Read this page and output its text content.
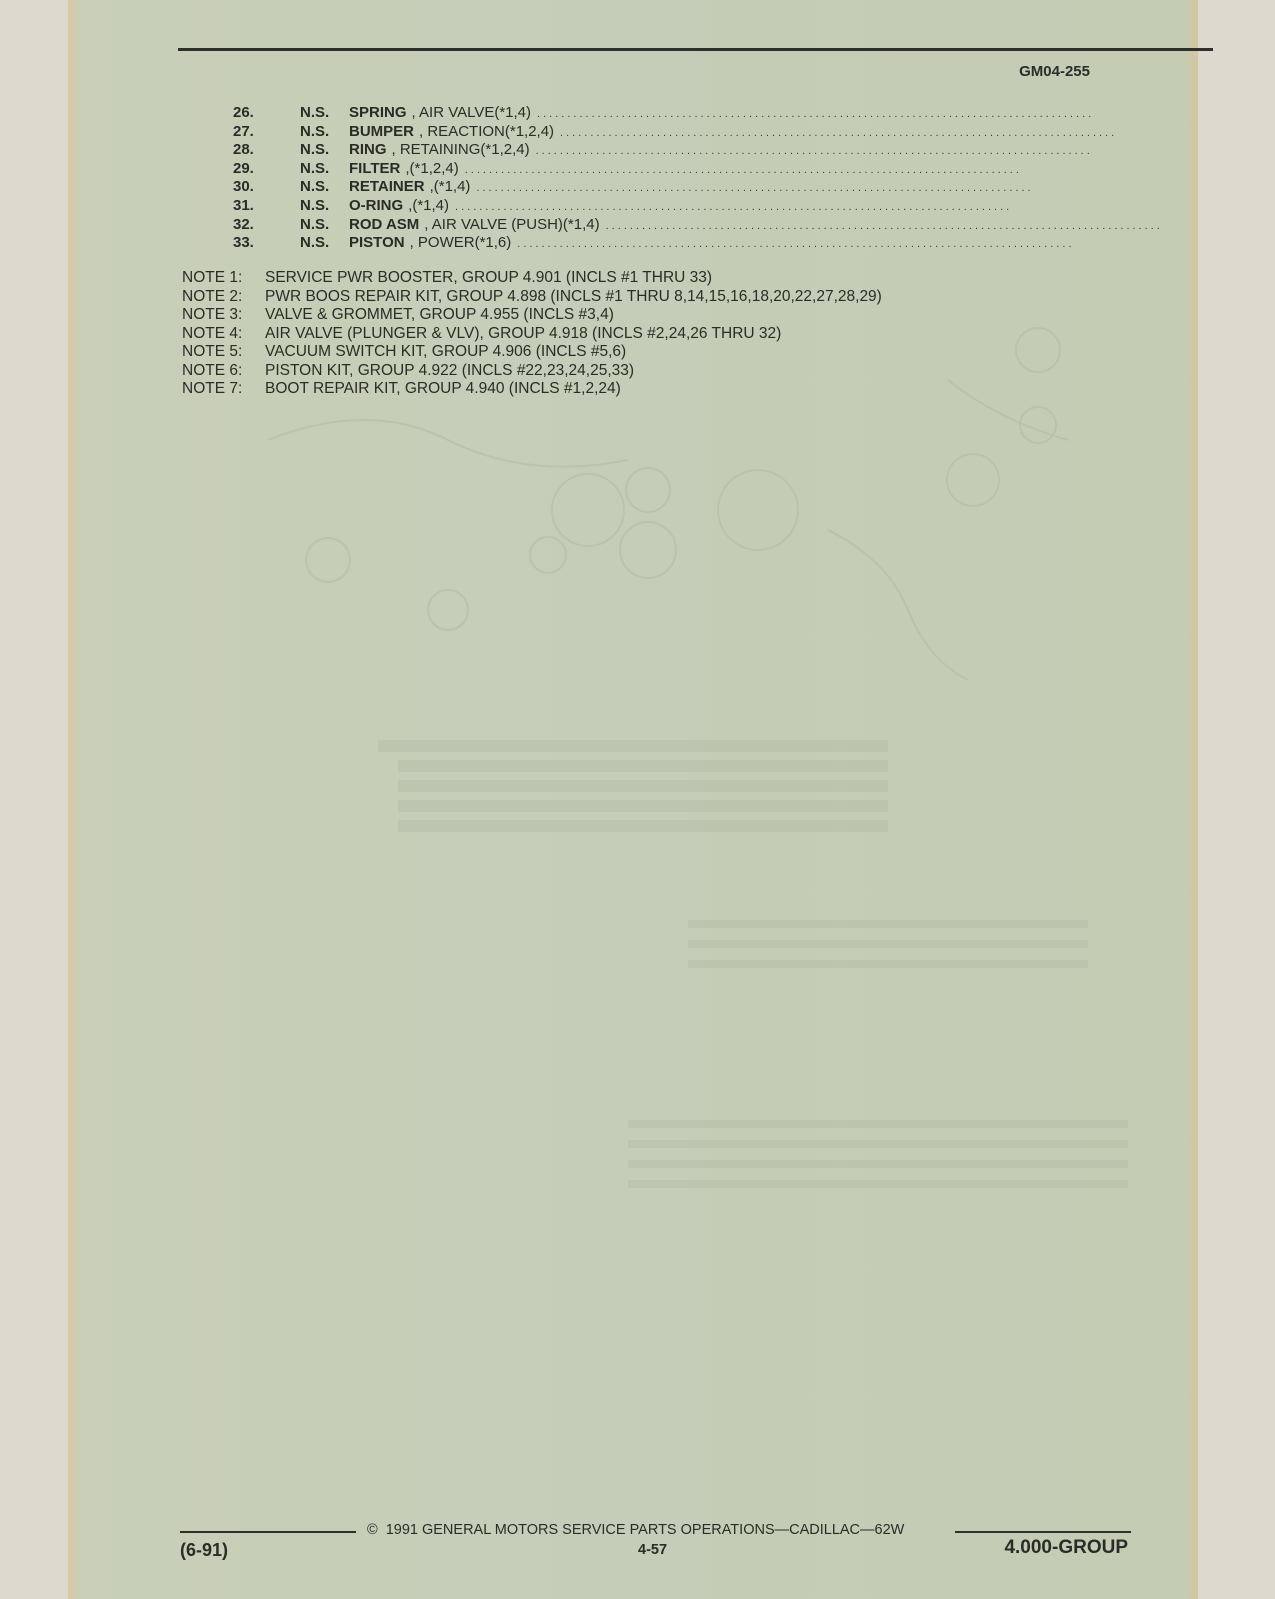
GM04-255
26.	N.S. SPRING , AIR VALVE(*1,4) ............................................................................................
27.	N.S. BUMPER , REACTION(*1,2,4) ............................................................................................
28.	N.S. RING , RETAINING(*1,2,4) ............................................................................................
29.	N.S. FILTER ,(*1,2,4) ............................................................................................
30.	N.S. RETAINER ,(*1,4) ............................................................................................
31.	N.S. O-RING ,(*1,4) ............................................................................................
32.	N.S. ROD ASM , AIR VALVE (PUSH)(*1,4) ............................................................................................
33.	N.S. PISTON , POWER(*1,6) ............................................................................................
NOTE 1: SERVICE PWR BOOSTER, GROUP 4.901 (INCLS #1 THRU 33)
NOTE 2: PWR BOOS REPAIR KIT, GROUP 4.898 (INCLS #1 THRU 8,14,15,16,18,20,22,27,28,29)
NOTE 3: VALVE & GROMMET, GROUP 4.955 (INCLS #3,4)
NOTE 4: AIR VALVE (PLUNGER & VLV), GROUP 4.918 (INCLS #2,24,26 THRU 32)
NOTE 5: VACUUM SWITCH KIT, GROUP 4.906 (INCLS #5,6)
NOTE 6: PISTON KIT, GROUP 4.922 (INCLS #22,23,24,25,33)
NOTE 7: BOOT REPAIR KIT, GROUP 4.940 (INCLS #1,2,24)
© 1991 GENERAL MOTORS SERVICE PARTS OPERATIONS—CADILLAC—62W
(6-91)	4-57	4.000-GROUP
